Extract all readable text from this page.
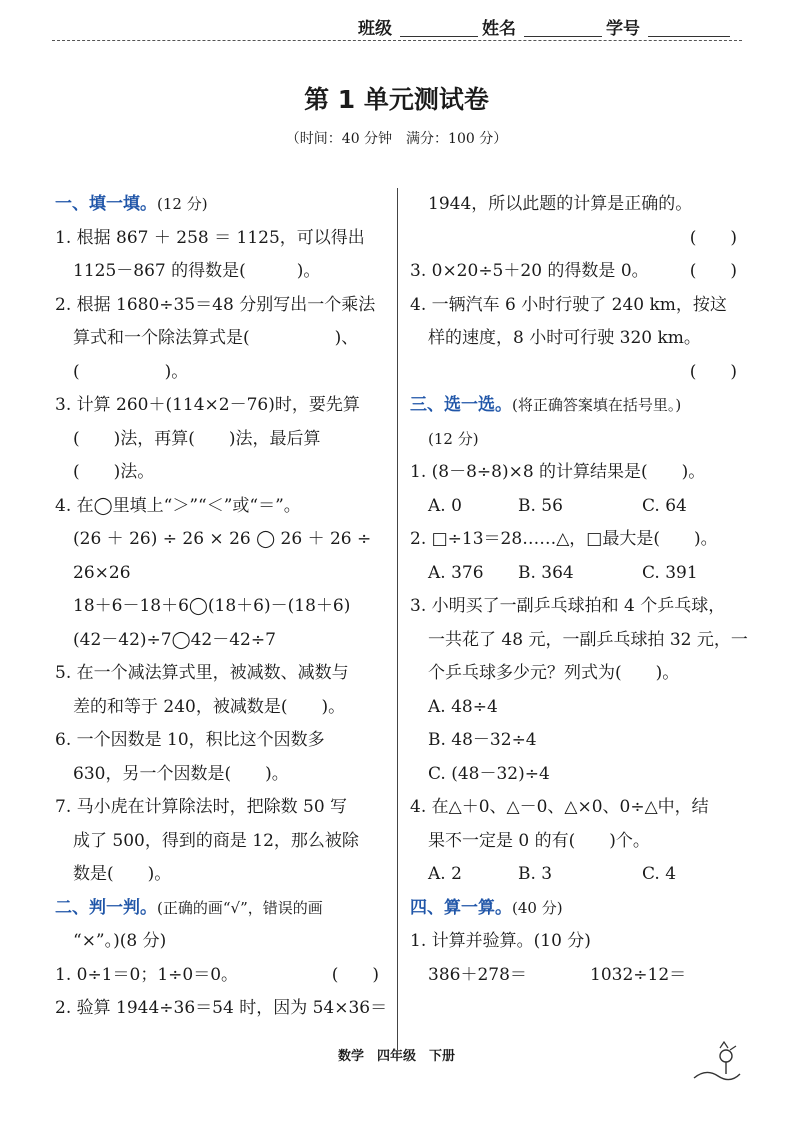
班级	姓名	学号
第 1 单元测试卷
（时间：40 分钟　满分：100 分）
一、填一填。(12 分)
1. 根据 867 ＋ 258 ＝ 1125，可以得出
1125－867 的得数是(　　　)。
2. 根据 1680÷35＝48 分别写出一个乘法
算式和一个除法算式是(　　　　　)、
(　　　　　)。
3. 计算 260＋(114×2－76)时，要先算
(　　)法，再算(　　)法，最后算
(　　)法。
4. 在◯里填上“＞”“＜”或“＝”。
(26 ＋ 26) ÷ 26 × 26 ◯ 26 ＋ 26 ÷
26×26
18＋6－18＋6◯(18＋6)－(18＋6)
(42－42)÷7◯42－42÷7
5. 在一个减法算式里，被减数、减数与
差的和等于 240，被减数是(　　)。
6. 一个因数是 10，积比这个因数多
630，另一个因数是(　　)。
7. 马小虎在计算除法时，把除数 50 写
成了 500，得到的商是 12，那么被除
数是(　　)。
二、判一判。(正确的画“√”，错误的画
“×”。)(8 分)
1. 0÷1＝0；1÷0＝0。	(　　)
2. 验算 1944÷36＝54 时，因为 54×36＝
1944，所以此题的计算是正确的。
(　　)
3. 0×20÷5＋20 的得数是 0。 (　　)
4. 一辆汽车 6 小时行驶了 240 km，按这
样的速度，8 小时可行驶 320 km。
(　　)
三、选一选。(将正确答案填在括号里。)
(12 分)
1. (8－8÷8)×8 的计算结果是(　　)。
A. 0	B. 56	C. 64
2. □÷13＝28……△，□最大是(　　)。
A. 376 B. 364	C. 391
3. 小明买了一副乒乓球拍和 4 个乒乓球，
一共花了 48 元，一副乒乓球拍 32 元，一
个乒乓球多少元？列式为(　　)。
A. 48÷4
B. 48－32÷4
C. (48－32)÷4
4. 在△＋0、△－0、△×0、0÷△中，结
果不一定是 0 的有(　　)个。
A. 2	B. 3	C. 4
四、算一算。(40 分)
1. 计算并验算。(10 分)
386＋278＝	1032÷12＝
数学　四年级　下册
